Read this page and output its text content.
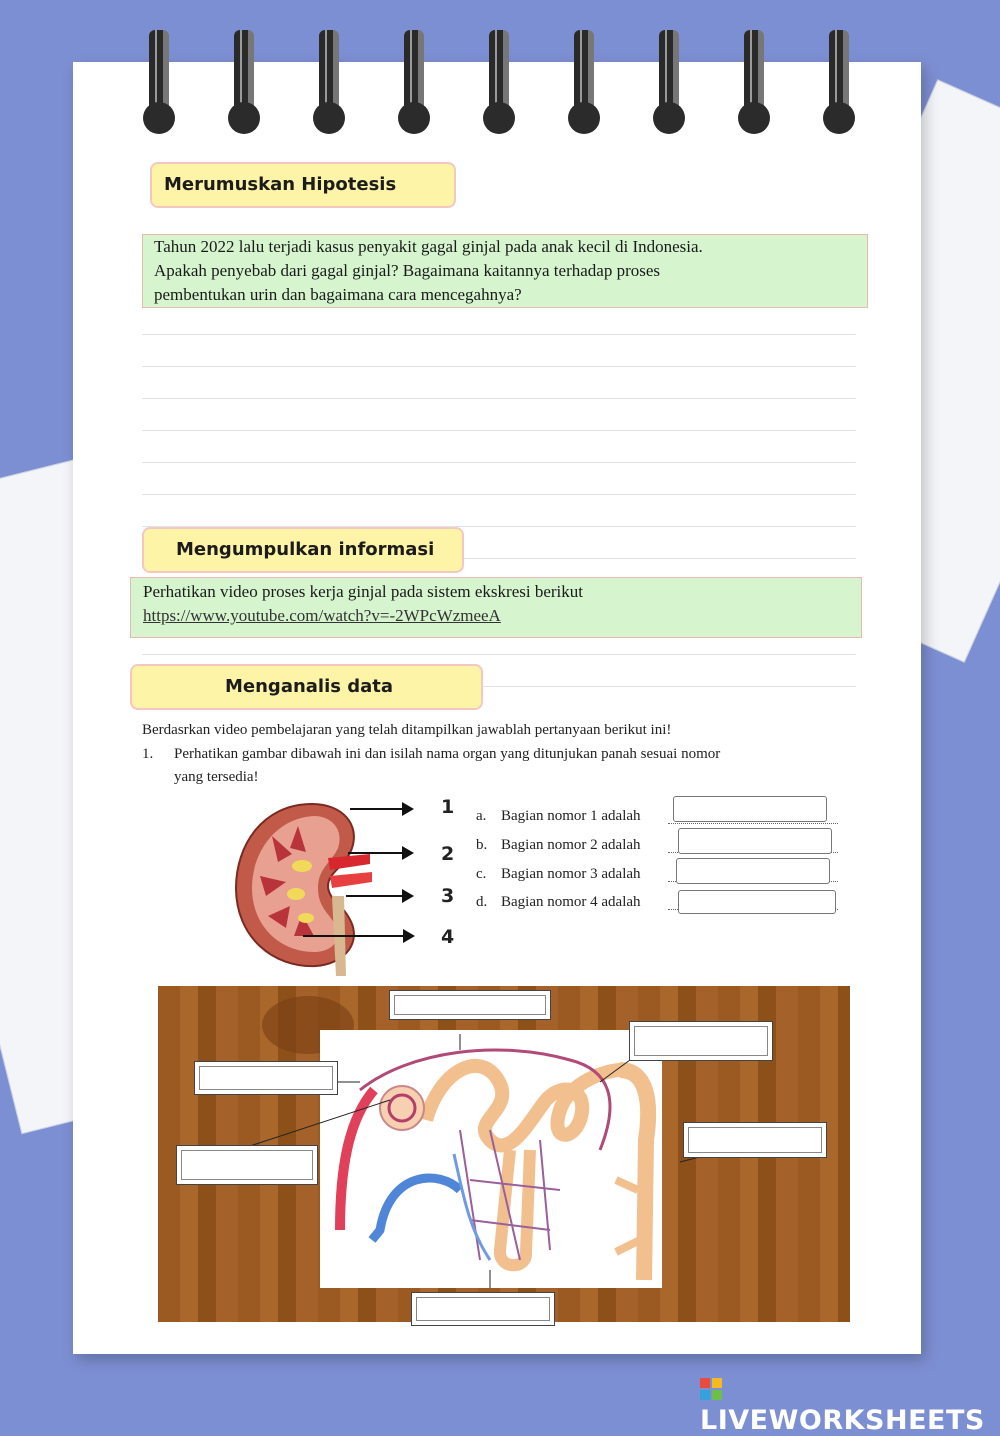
Merumuskan Hipotesis
Tahun 2022 lalu terjadi kasus penyakit gagal ginjal pada anak kecil di Indonesia.
Apakah penyebab dari gagal ginjal? Bagaimana kaitannya terhadap proses
pembentukan urin dan bagaimana cara mencegahnya?
Mengumpulkan informasi
Perhatikan video proses kerja ginjal pada sistem ekskresi berikut
https://www.youtube.com/watch?v=-2WPcWzmeeA
Menganalis data
Berdasrkan video pembelajaran yang telah ditampilkan jawablah pertanyaan berikut ini!
1. Perhatikan gambar dibawah ini dan isilah nama organ yang ditunjukan panah sesuai nomor
yang tersedia!
1
2
3
4
a. Bagian nomor 1 adalah
b. Bagian nomor 2 adalah
c. Bagian nomor 3 adalah
d. Bagian nomor 4 adalah
LIVEWORKSHEETS
